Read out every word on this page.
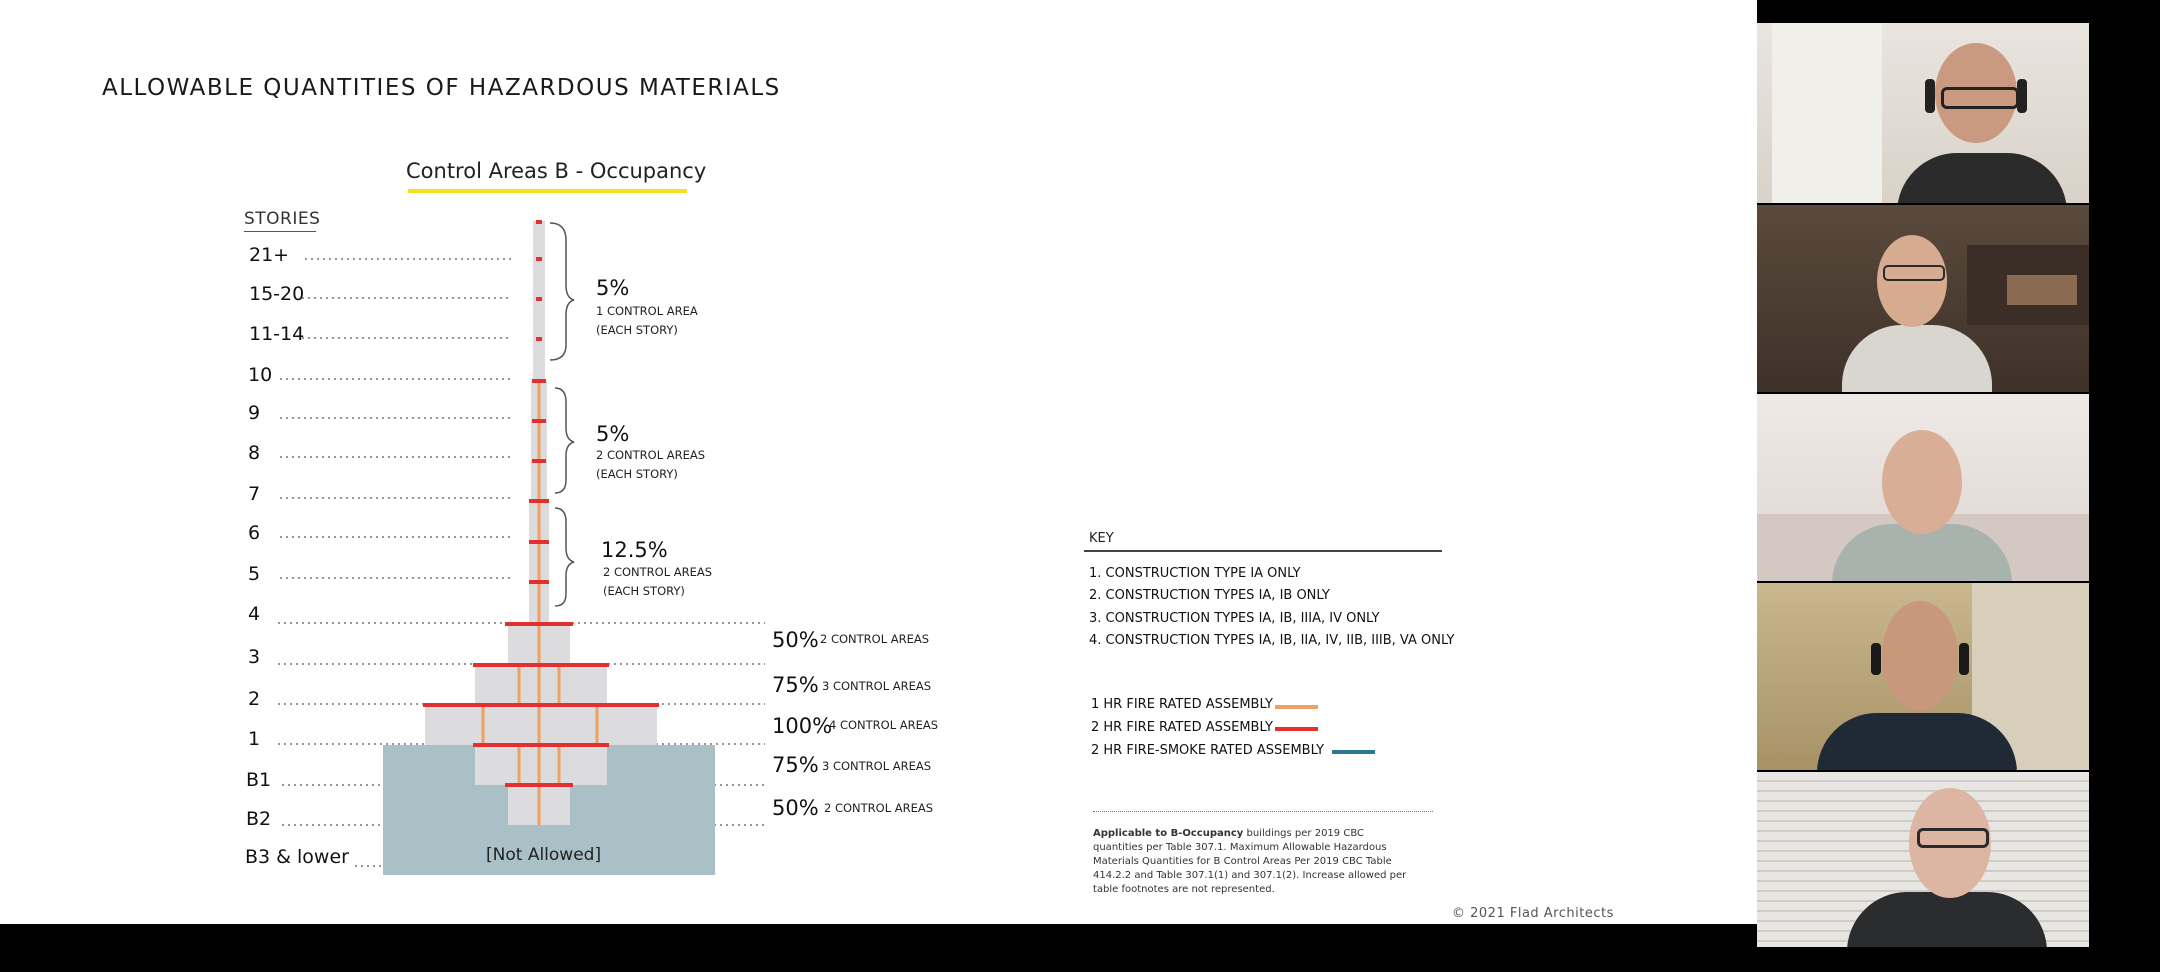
ALLOWABLE QUANTITIES OF HAZARDOUS MATERIALS
Control Areas B - Occupancy
STORIES
21+
15-20
11-14
10
9
8
7
6
5
4
3
2
1
B1
B2
B3 & lower	[Not Allowed]
5%
1 CONTROL AREA
(EACH STORY)
5%
2 CONTROL AREAS
(EACH STORY)
12.5%
2 CONTROL AREAS
(EACH STORY)
50% 2 CONTROL AREAS
75% 3 CONTROL AREAS
100%
4 CONTROL AREAS
75% 3 CONTROL AREAS
50% 2 CONTROL AREAS
KEY
1. CONSTRUCTION TYPE IA ONLY
2. CONSTRUCTION TYPES IA, IB ONLY
3. CONSTRUCTION TYPES IA, IB, IIIA, IV ONLY
4. CONSTRUCTION TYPES IA, IB, IIA, IV, IIB, IIIB, VA ONLY
1 HR FIRE RATED ASSEMBLY
2 HR FIRE RATED ASSEMBLY
2 HR FIRE-SMOKE RATED ASSEMBLY
Applicable to B-Occupancy buildings per 2019 CBC quantities per Table 307.1. Maximum Allowable Hazardous Materials Quantities for B Control Areas Per 2019 CBC Table 414.2.2 and Table 307.1(1) and 307.1(2). Increase allowed per table footnotes are not represented.
© 2021 Flad Architects
